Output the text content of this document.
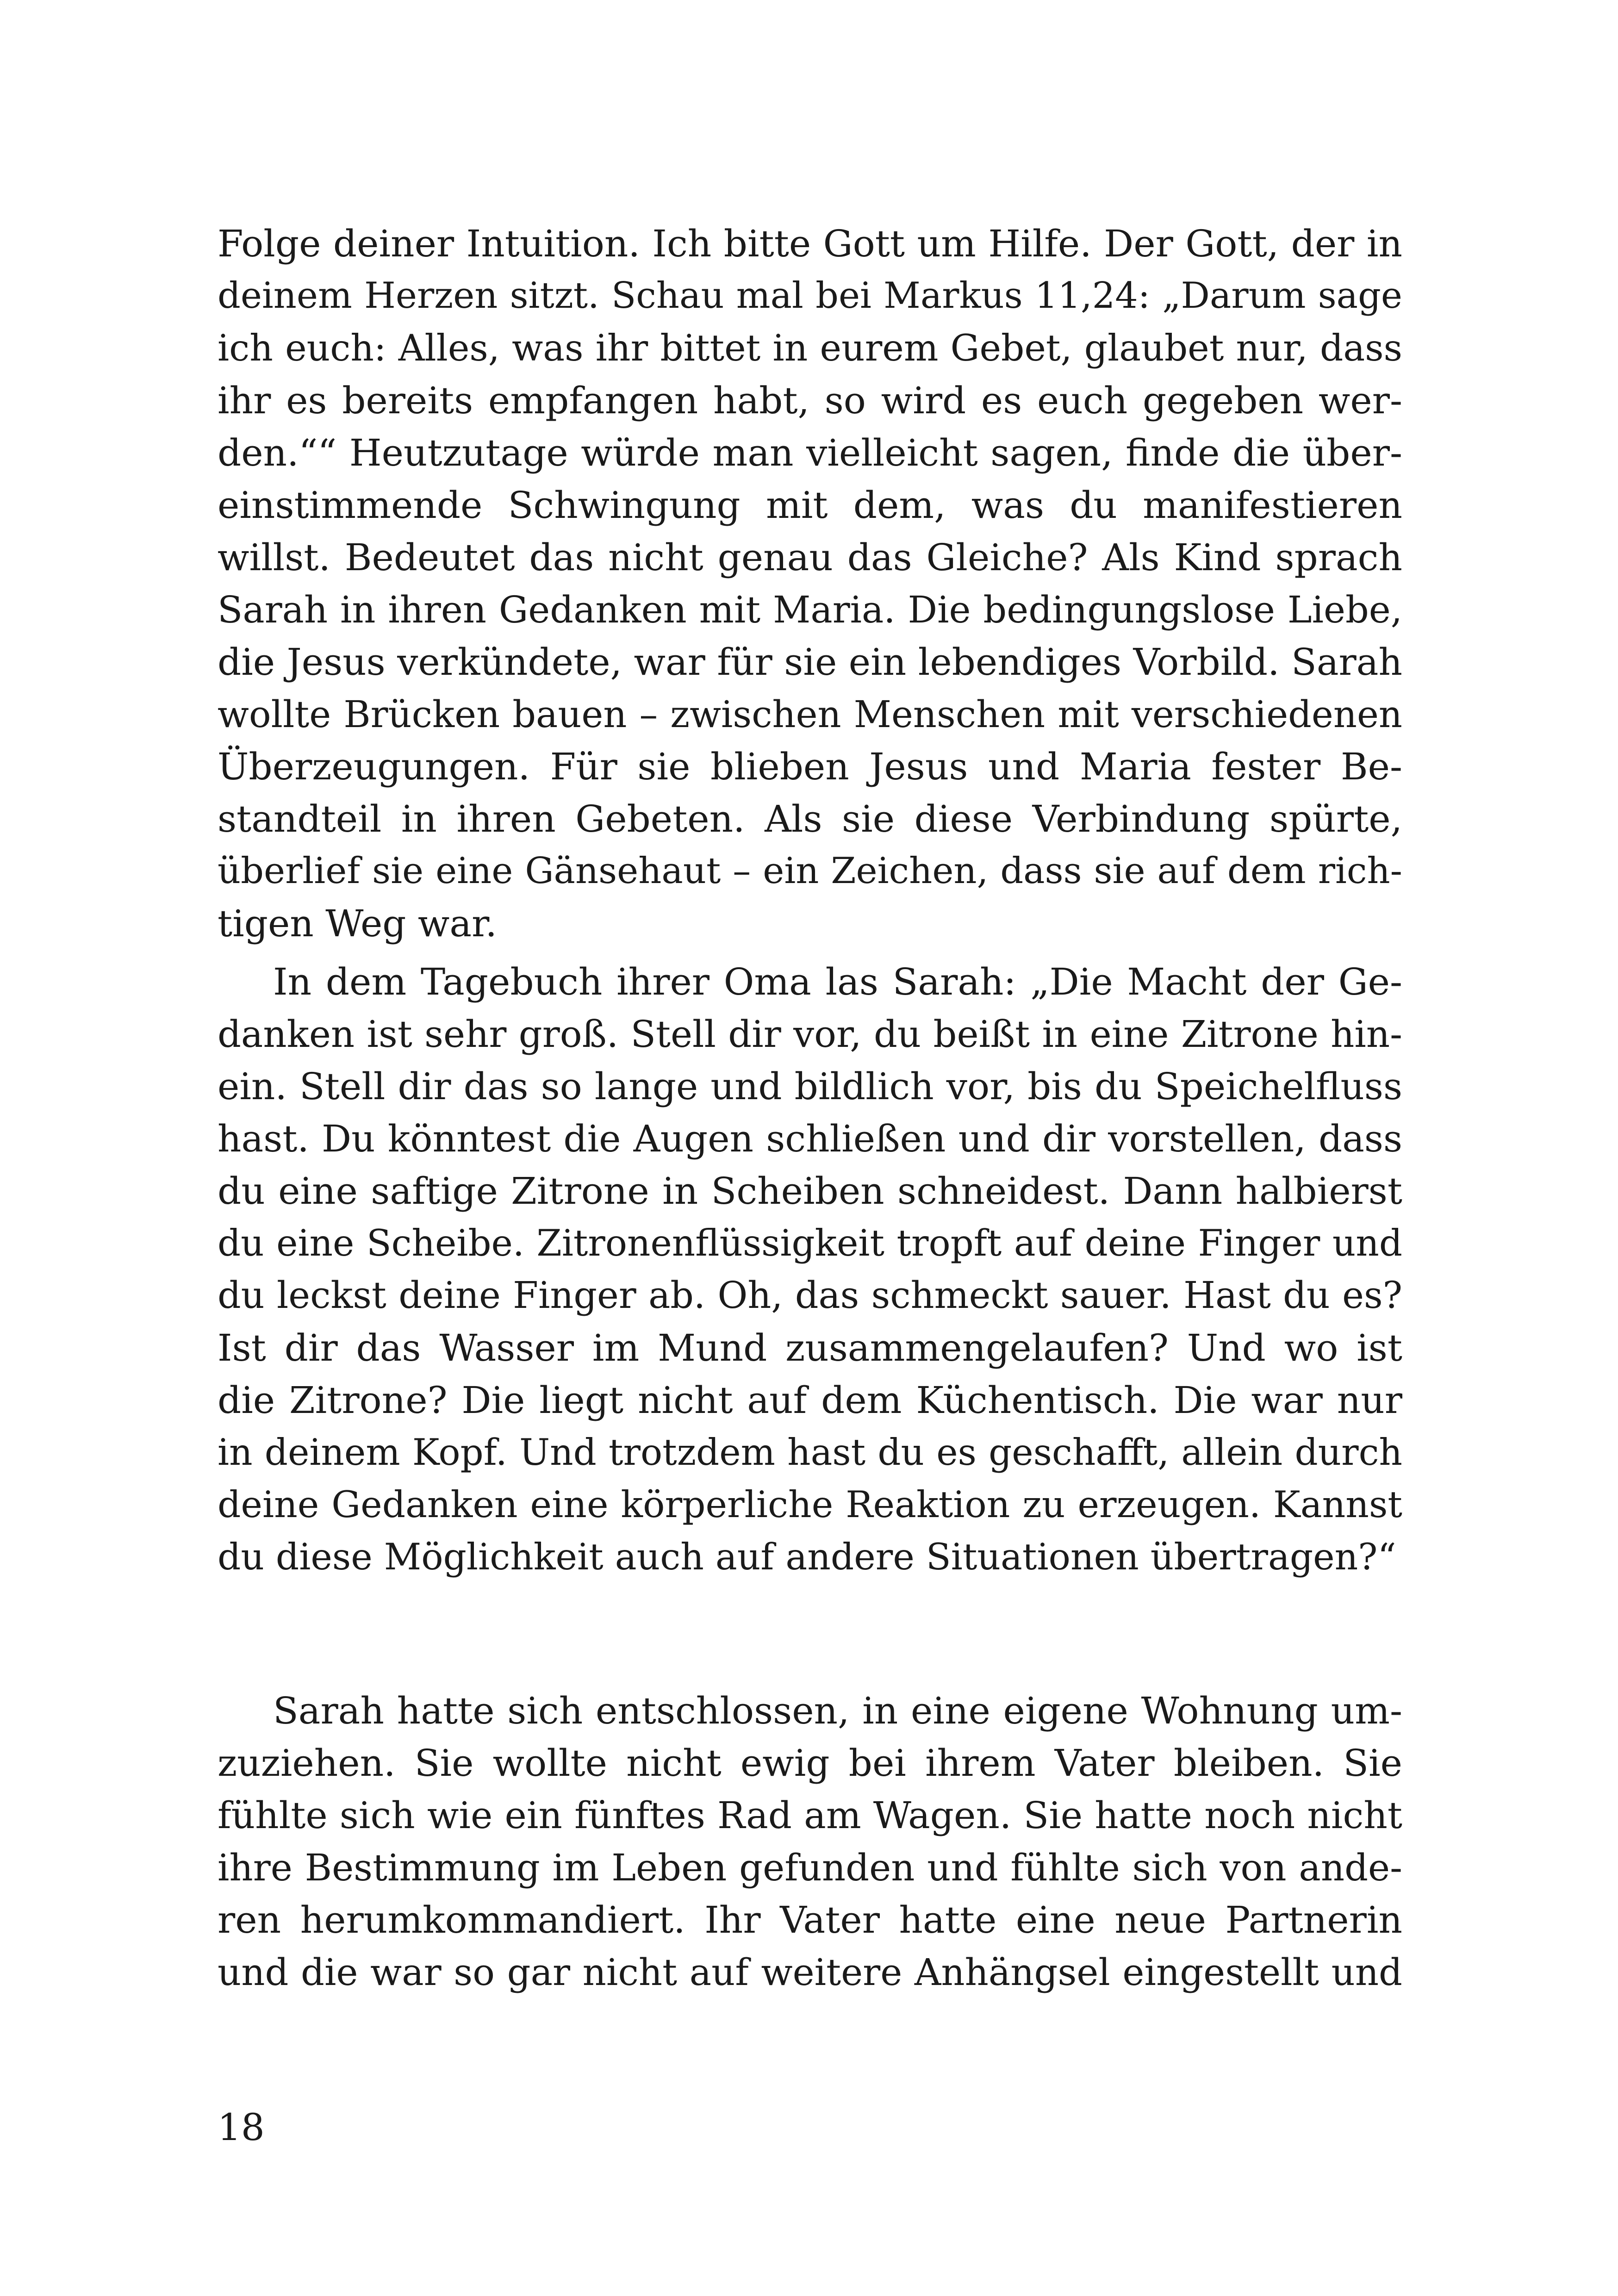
Folge deiner Intuition. Ich bitte Gott um Hilfe. Der Gott, der in
deinem Herzen sitzt. Schau mal bei Markus 11,24: „Darum sage
ich euch: Alles, was ihr bittet in eurem Gebet, glaubet nur, dass
ihr es bereits empfangen habt, so wird es euch gegeben wer-
den.““ Heutzutage würde man vielleicht sagen, finde die über-
einstimmende Schwingung mit dem, was du manifestieren
willst. Bedeutet das nicht genau das Gleiche? Als Kind sprach
Sarah in ihren Gedanken mit Maria. Die bedingungslose Liebe,
die Jesus verkündete, war für sie ein lebendiges Vorbild. Sarah
wollte Brücken bauen – zwischen Menschen mit verschiedenen
Überzeugungen. Für sie blieben Jesus und Maria fester Be-
standteil in ihren Gebeten. Als sie diese Verbindung spürte,
überlief sie eine Gänsehaut – ein Zeichen, dass sie auf dem rich-
tigen Weg war.
In dem Tagebuch ihrer Oma las Sarah: „Die Macht der Ge-
danken ist sehr groß. Stell dir vor, du beißt in eine Zitrone hin-
ein. Stell dir das so lange und bildlich vor, bis du Speichelfluss
hast. Du könntest die Augen schließen und dir vorstellen, dass
du eine saftige Zitrone in Scheiben schneidest. Dann halbierst
du eine Scheibe. Zitronenflüssigkeit tropft auf deine Finger und
du leckst deine Finger ab. Oh, das schmeckt sauer. Hast du es?
Ist dir das Wasser im Mund zusammengelaufen? Und wo ist
die Zitrone? Die liegt nicht auf dem Küchentisch. Die war nur
in deinem Kopf. Und trotzdem hast du es geschafft, allein durch
deine Gedanken eine körperliche Reaktion zu erzeugen. Kannst
du diese Möglichkeit auch auf andere Situationen übertragen?“
Sarah hatte sich entschlossen, in eine eigene Wohnung um-
zuziehen. Sie wollte nicht ewig bei ihrem Vater bleiben. Sie
fühlte sich wie ein fünftes Rad am Wagen. Sie hatte noch nicht
ihre Bestimmung im Leben gefunden und fühlte sich von ande-
ren herumkommandiert. Ihr Vater hatte eine neue Partnerin
und die war so gar nicht auf weitere Anhängsel eingestellt und
18
